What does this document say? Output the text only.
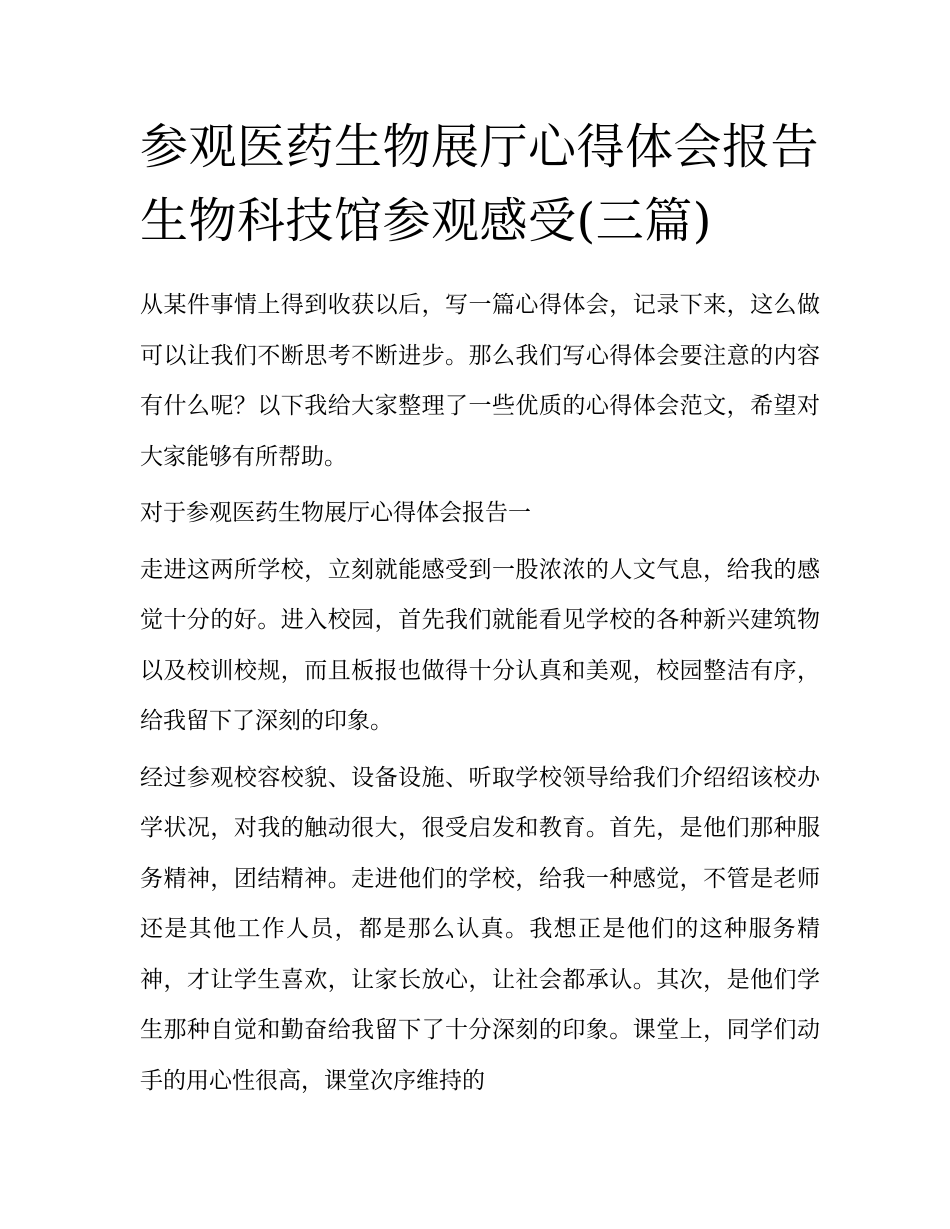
参观医药生物展厅心得体会报告 生物科技馆参观感受(三篇)

从某件事情上得到收获以后，写一篇心得体会，记录下来，这么做可以让我们不断思考不断进步。那么我们写心得体会要注意的内容有什么呢？以下我给大家整理了一些优质的心得体会范文，希望对大家能够有所帮助。

对于参观医药生物展厅心得体会报告一

走进这两所学校，立刻就能感受到一股浓浓的人文气息，给我的感觉十分的好。进入校园，首先我们就能看见学校的各种新兴建筑物以及校训校规，而且板报也做得十分认真和美观，校园整洁有序，给我留下了深刻的印象。

经过参观校容校貌、设备设施、听取学校领导给我们介绍绍该校办学状况，对我的触动很大，很受启发和教育。首先，是他们那种服务精神，团结精神。走进他们的学校，给我一种感觉，不管是老师还是其他工作人员，都是那么认真。我想正是他们的这种服务精神，才让学生喜欢，让家长放心，让社会都承认。其次，是他们学生那种自觉和勤奋给我留下了十分深刻的印象。课堂上，同学们动手的用心性很高，课堂次序维持的
